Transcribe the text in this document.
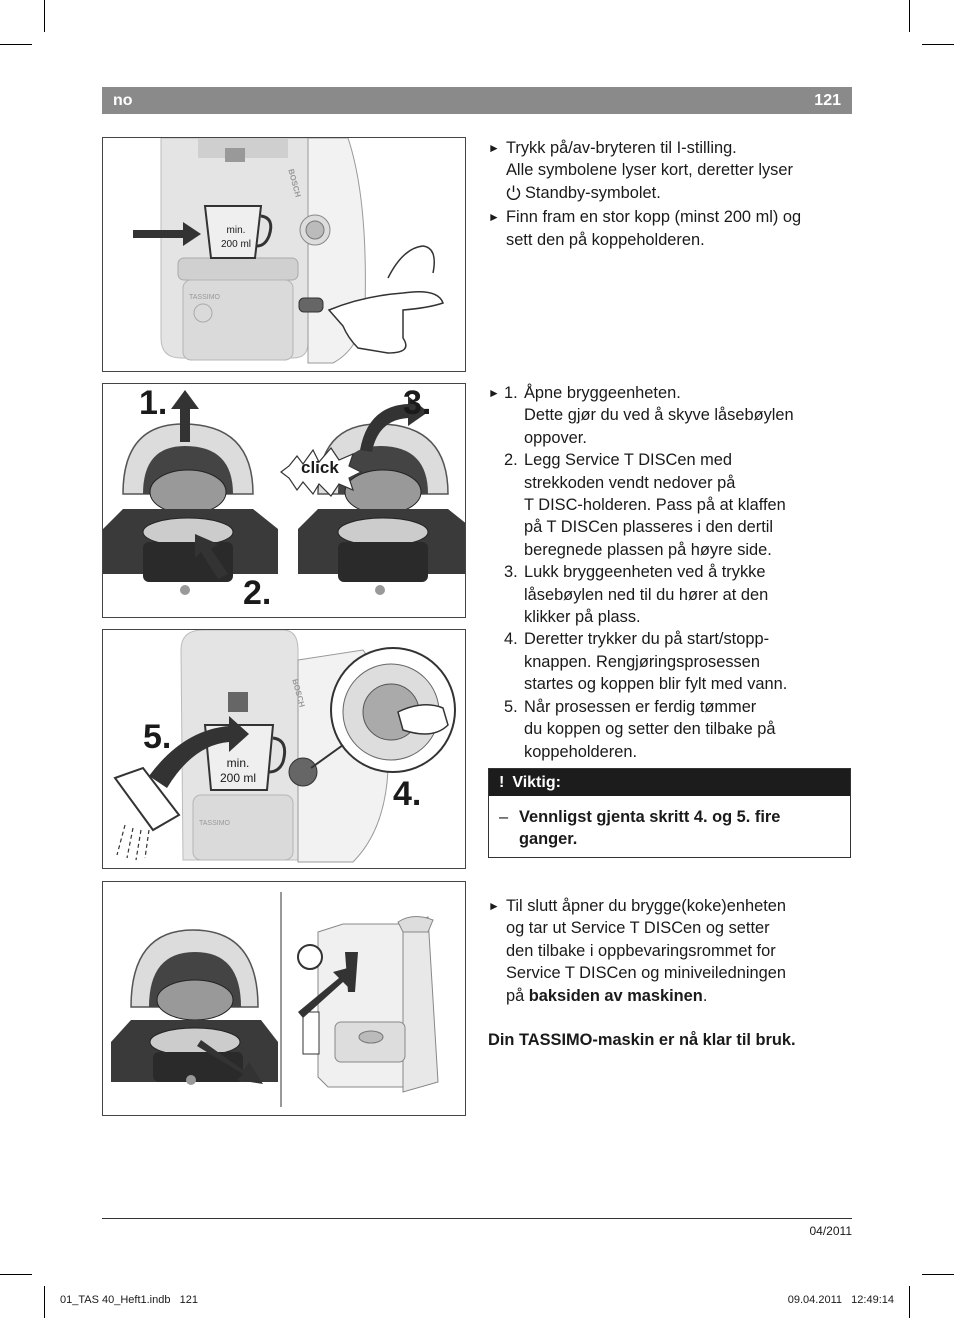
no	121
min.
200 ml
BOSCH
TASSIMO
1.	3.
2.
click
5.
4.
min.
200 ml
BOSCH
TASSIMO
► Trykk på/av-bryteren til I-stilling.
Alle symbolene lyser kort, deretter lyser
Standby-symbolet.
► Finn fram en stor kopp (minst 200 ml) og
sett den på koppeholderen.
► 1. Åpne bryggeenheten.
Dette gjør du ved å skyve låsebøylen
oppover.
2. Legg Service T DISCen med
strekkoden vendt nedover på
T DISC-holderen. Pass på at klaffen
på T DISCen plasseres i den dertil
beregnede plassen på høyre side.
3. Lukk bryggeenheten ved å trykke
låsebøylen ned til du hører at den
klikker på plass.
4. Deretter trykker du på start/stopp-
knappen. Rengjøringsprosessen
startes og koppen blir fylt med vann.
5. Når prosessen er ferdig tømmer
du koppen og setter den tilbake på
koppeholderen.
! Viktig:
– Vennligst gjenta skritt 4. og 5. fire
ganger.
► Til slutt åpner du brygge(koke)enheten
og tar ut Service T DISCen og setter
den tilbake i oppbevaringsrommet for
Service T DISCen og miniveiledningen
på baksiden av maskinen.
Din TASSIMO-maskin er nå klar til bruk.
04/2011
01_TAS 40_Heft1.indb   121	09.04.2011   12:49:14
